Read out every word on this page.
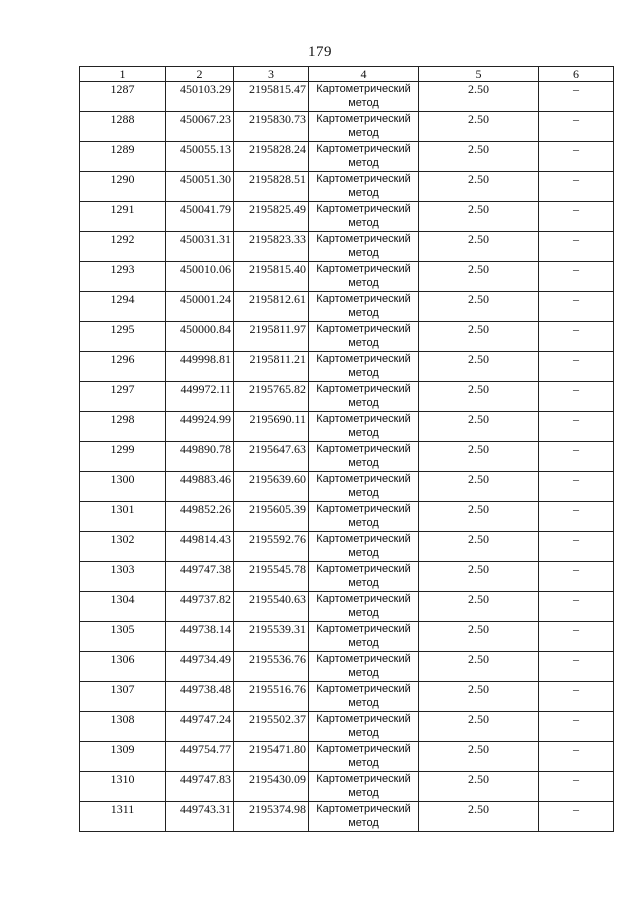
179
1	2	3	4	5	6
1287	450103.29	2195815.47	Картометрический метод	2.50	–
1288	450067.23	2195830.73	Картометрический метод	2.50	–
1289	450055.13	2195828.24	Картометрический метод	2.50	–
1290	450051.30	2195828.51	Картометрический метод	2.50	–
1291	450041.79	2195825.49	Картометрический метод	2.50	–
1292	450031.31	2195823.33	Картометрический метод	2.50	–
1293	450010.06	2195815.40	Картометрический метод	2.50	–
1294	450001.24	2195812.61	Картометрический метод	2.50	–
1295	450000.84	2195811.97	Картометрический метод	2.50	–
1296	449998.81	2195811.21	Картометрический метод	2.50	–
1297	449972.11	2195765.82	Картометрический метод	2.50	–
1298	449924.99	2195690.11	Картометрический метод	2.50	–
1299	449890.78	2195647.63	Картометрический метод	2.50	–
1300	449883.46	2195639.60	Картометрический метод	2.50	–
1301	449852.26	2195605.39	Картометрический метод	2.50	–
1302	449814.43	2195592.76	Картометрический метод	2.50	–
1303	449747.38	2195545.78	Картометрический метод	2.50	–
1304	449737.82	2195540.63	Картометрический метод	2.50	–
1305	449738.14	2195539.31	Картометрический метод	2.50	–
1306	449734.49	2195536.76	Картометрический метод	2.50	–
1307	449738.48	2195516.76	Картометрический метод	2.50	–
1308	449747.24	2195502.37	Картометрический метод	2.50	–
1309	449754.77	2195471.80	Картометрический метод	2.50	–
1310	449747.83	2195430.09	Картометрический метод	2.50	–
1311	449743.31	2195374.98	Картометрический метод	2.50	–
